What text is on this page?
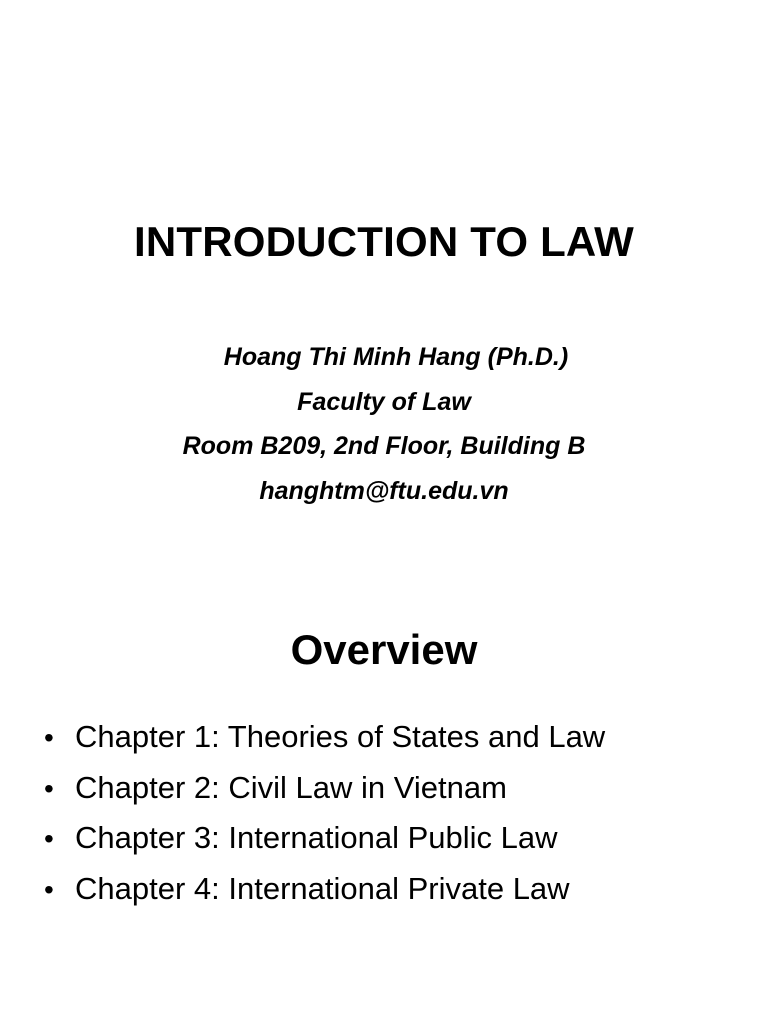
INTRODUCTION TO LAW
Hoang Thi Minh Hang (Ph.D.)
Faculty of Law
Room B209, 2nd Floor, Building B
hanghtm@ftu.edu.vn
Overview
• Chapter 1: Theories of States and Law
• Chapter 2: Civil Law in Vietnam
• Chapter 3: International Public Law
• Chapter 4: International Private Law
